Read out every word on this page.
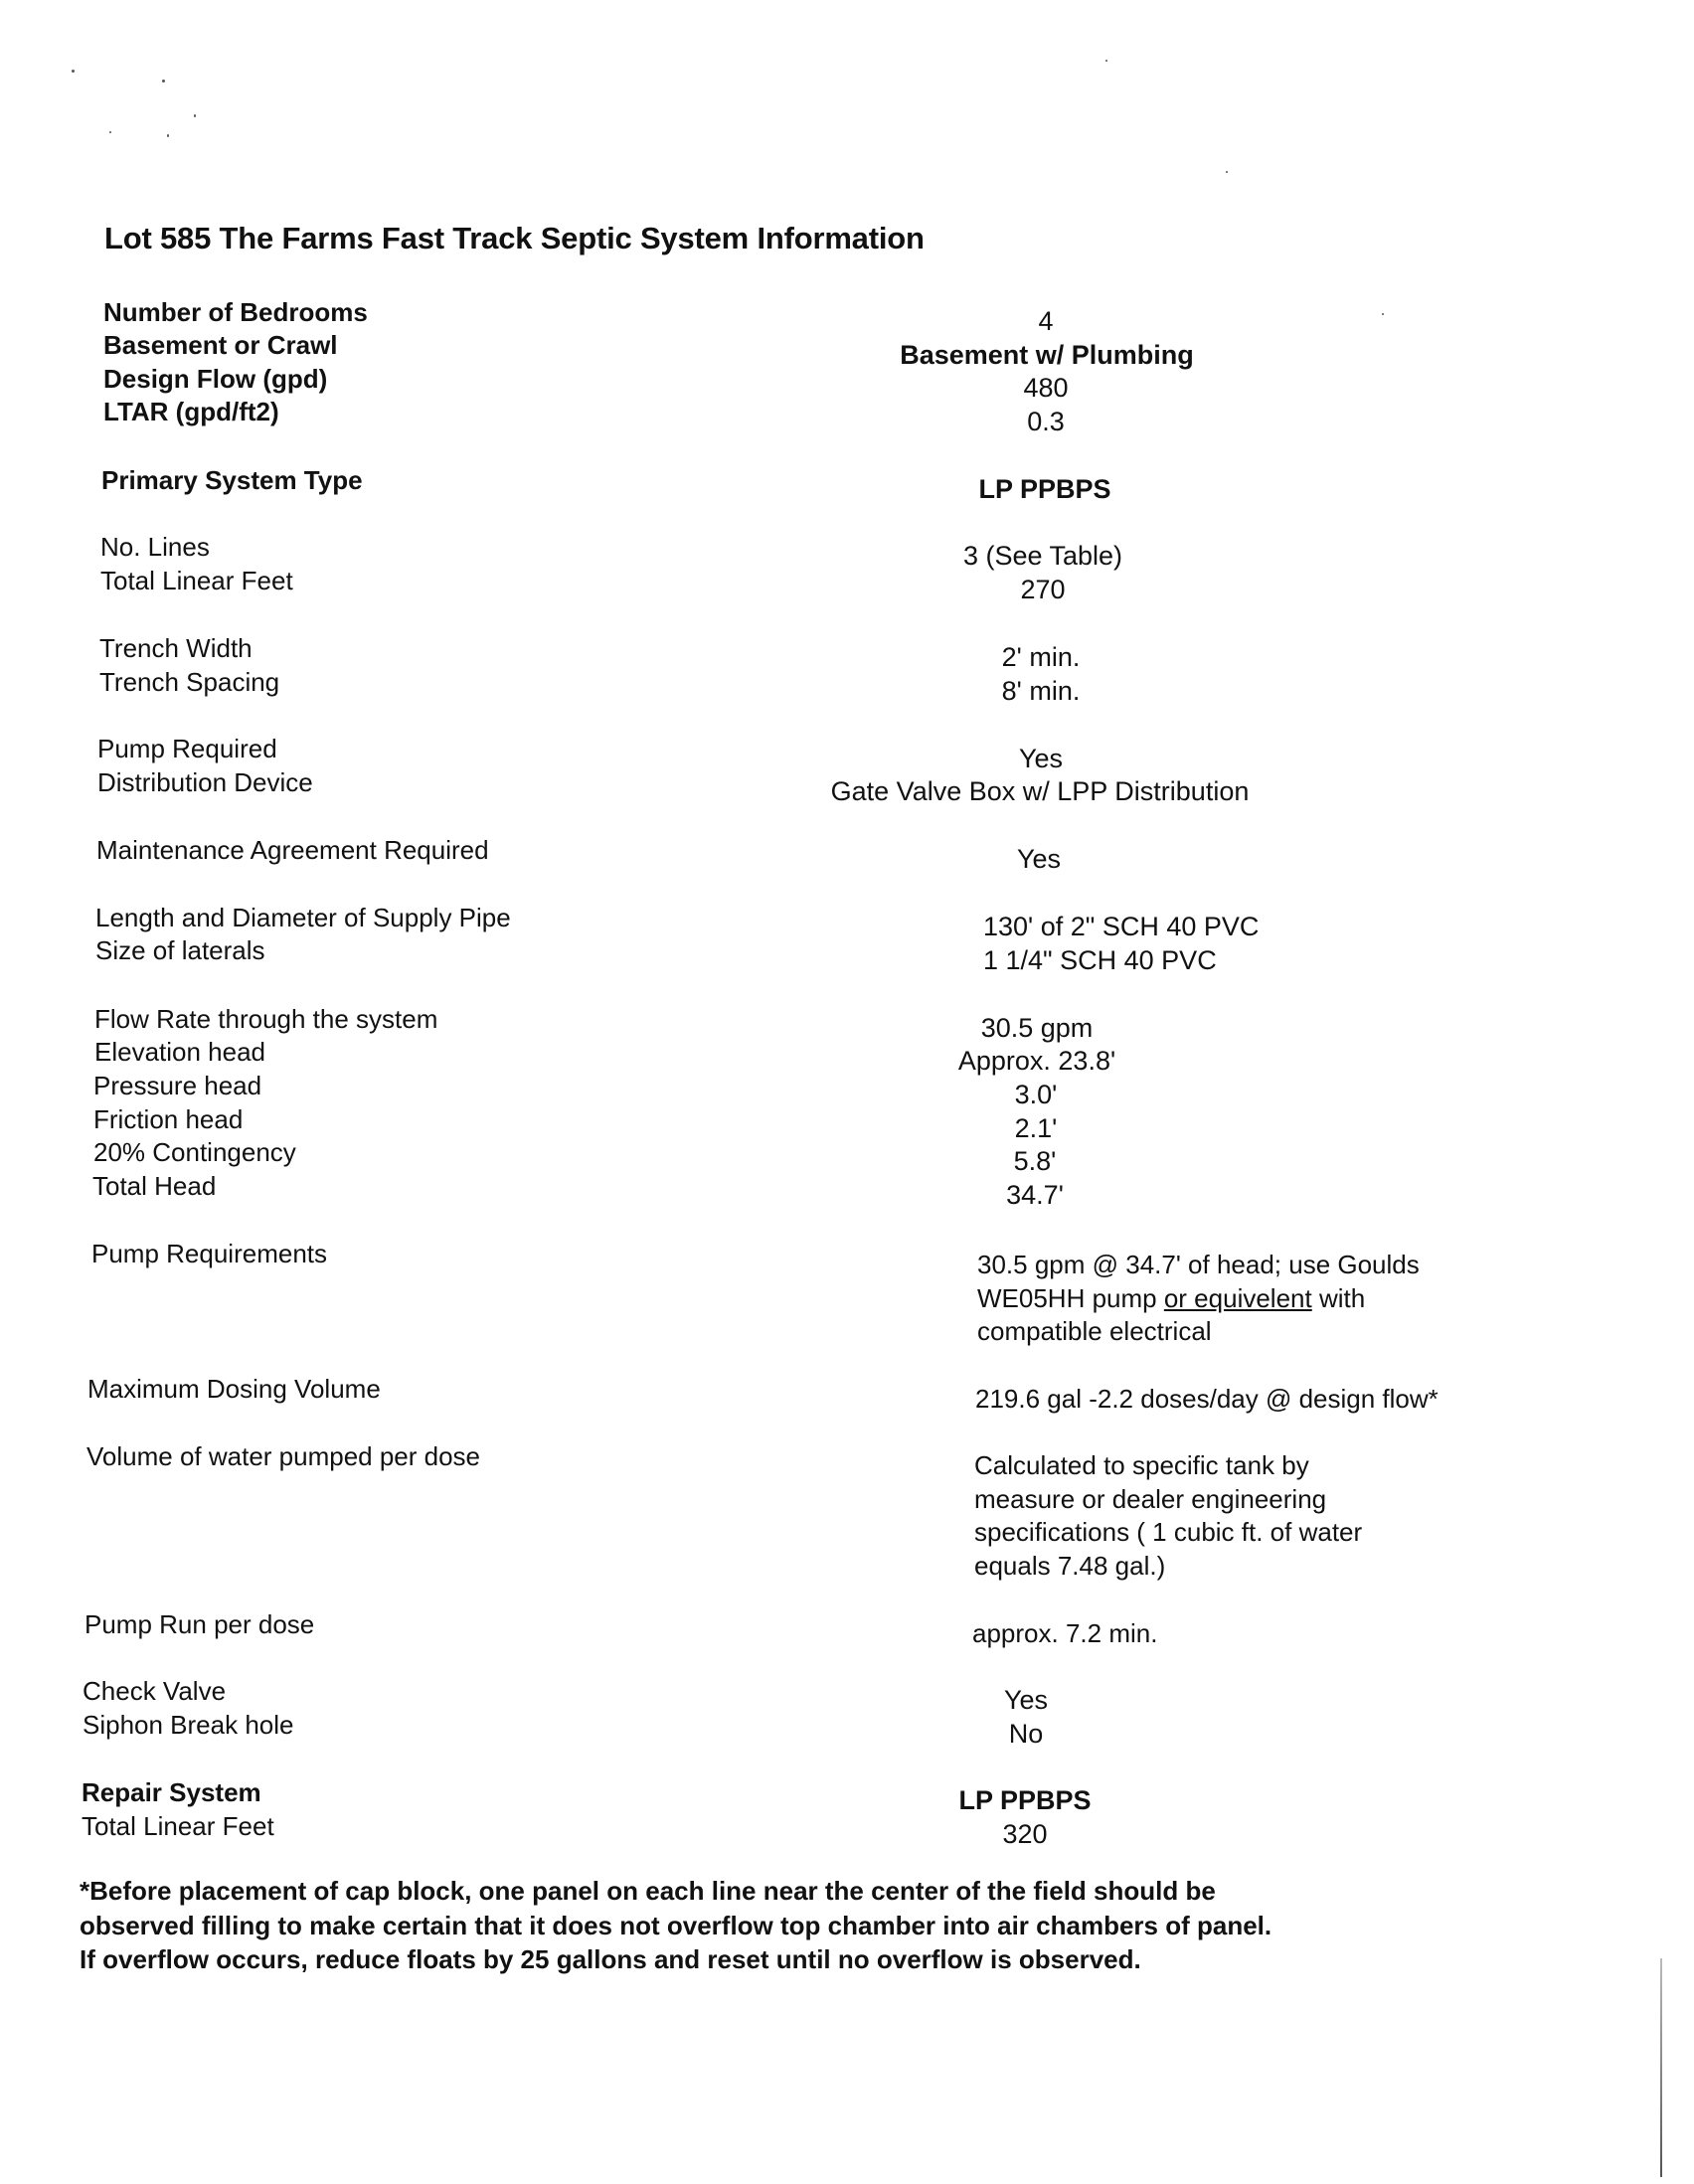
Lot 585 The Farms Fast Track Septic System Information
Number of Bedrooms	4
Basement or Crawl	Basement w/ Plumbing
Design Flow (gpd)	480
LTAR (gpd/ft2)	0.3
Primary System Type	LP PPBPS
No. Lines	3 (See Table)
Total Linear Feet	270
Trench Width	2' min.
Trench Spacing	8' min.
Pump Required	Yes
Distribution Device	Gate Valve Box w/ LPP Distribution
Maintenance Agreement Required	Yes
Length and Diameter of Supply Pipe	130' of 2" SCH 40 PVC
Size of laterals	1 1/4" SCH 40 PVC
Flow Rate through the system	30.5 gpm
Elevation head	Approx. 23.8'
Pressure head	3.0'
Friction head	2.1'
20% Contingency	5.8'
Total Head	34.7'
Pump Requirements	30.5 gpm @ 34.7' of head; use Goulds
WE05HH pump or equivelent with
compatible electrical
Maximum Dosing Volume	219.6 gal -2.2 doses/day @ design flow*
Volume of water pumped per dose	Calculated to specific tank by
measure or dealer engineering
specifications ( 1 cubic ft. of water
equals 7.48 gal.)
Pump Run per dose	approx. 7.2 min.
Check Valve	Yes
Siphon Break hole	No
Repair System	LP PPBPS
Total Linear Feet	320
*Before placement of cap block, one panel on each line near the center of the field should be
observed filling to make certain that it does not overflow top chamber into air chambers of panel.
If overflow occurs, reduce floats by 25 gallons and reset until no overflow is observed.
